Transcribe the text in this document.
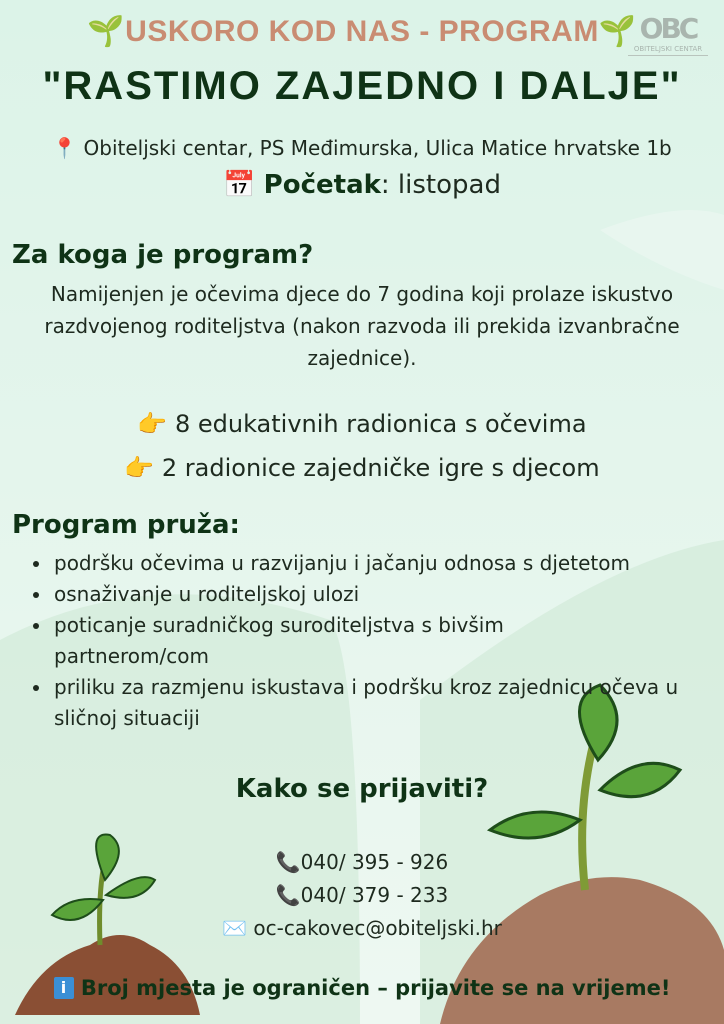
🌱USKORO KOD NAS - PROGRAM🌱 OBC
OBITELJSKI CENTAR
"RASTIMO ZAJEDNO I DALJE"
📍 Obiteljski centar, PS Međimurska, Ulica Matice hrvatske 1b
📅 Početak: listopad
Za koga je program?
Namijenjen je očevima djece do 7 godina koji prolaze iskustvo razdvojenog roditeljstva (nakon razvoda ili prekida izvanbračne zajednice).
👉 8 edukativnih radionica s očevima
👉 2 radionice zajedničke igre s djecom
Program pruža:
• podršku očevima u razvijanju i jačanju odnosa s djetetom
• osnaživanje u roditeljskoj ulozi
• poticanje suradničkog suroditeljstva s bivšim partnerom/com
• priliku za razmjenu iskustava i podršku kroz zajednicu očeva u sličnoj situaciji
Kako se prijaviti?
📞040/ 395 - 926
📞040/ 379 - 233
✉️ oc-cakovec@obiteljski.hr
i Broj mjesta je ograničen – prijavite se na vrijeme!
